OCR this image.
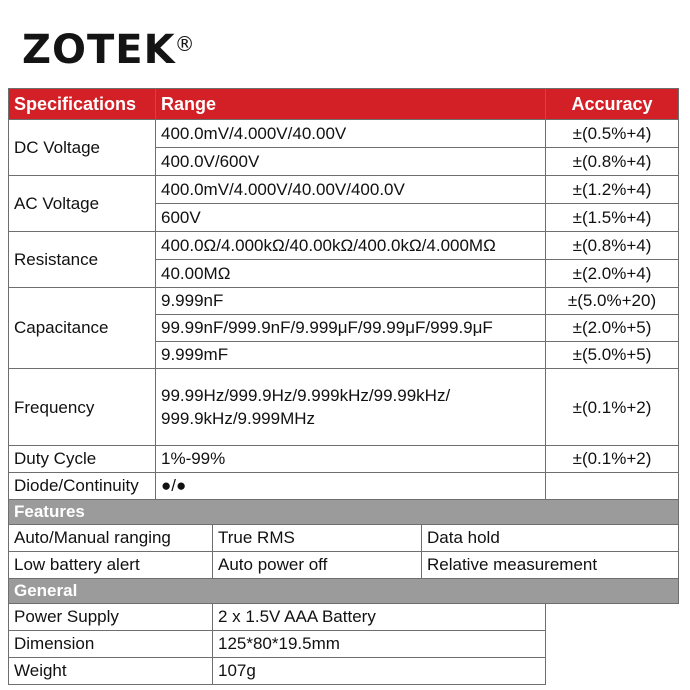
ZOTEK ®
Specifications	Range			Accuracy
DC Voltage	400.0mV/4.000V/40.00V			±(0.5%+4)
	400.0V/600V			±(0.8%+4)
AC Voltage	400.0mV/4.000V/40.00V/400.0V			±(1.2%+4)
	600V			±(1.5%+4)
Resistance	400.0Ω/4.000kΩ/40.00kΩ/400.0kΩ/4.000MΩ			±(0.8%+4)
	40.00MΩ			±(2.0%+4)
Capacitance	9.999nF			±(5.0%+20)
	99.99nF/999.9nF/9.999μF/99.99μF/999.9μF			±(2.0%+5)
	9.999mF			±(5.0%+5)
Frequency	99.99Hz/999.9Hz/9.999kHz/99.99kHz/ 999.9kHz/9.999MHz			±(0.1%+2)
Duty Cycle	1%-99%			±(0.1%+2)
Diode/Continuity	●/●			
Features				
Auto/Manual ranging		True RMS	Data hold	
Low battery alert		Auto power off	Relative measurement	
General				
Power Supply		2 x 1.5V AAA Battery		
Dimension		125*80*19.5mm		
Weight		107g		
